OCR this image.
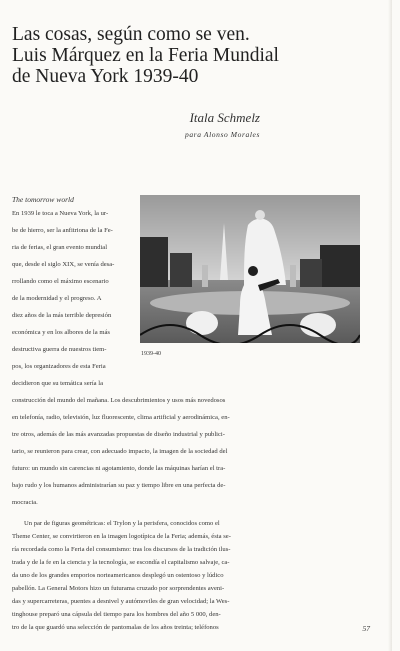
Las cosas, según como se ven.
Luis Márquez en la Feria Mundial
de Nueva York 1939-40
Itala Schmelz
para Alonso Morales
The tomorrow world
1939-40
En 1939 le toca a Nueva York, la ur-
be de hierro, ser la anfitriona de la Fe-
ria de ferias, el gran evento mundial
que, desde el siglo XIX, se venía desa-
rrollando como el máximo escenario
de la modernidad y el progreso. A
diez años de la más terrible depresión
económica y en los albores de la más
destructiva guerra de nuestros tiem-
pos, los organizadores de esta Feria
decidieron que su temática sería la
construcción del mundo del mañana. Los descubrimientos y usos más novedosos
en telefonía, radio, televisión, luz fluorescente, clima artificial y aerodinámica, en-
tre otros, además de las más avanzadas propuestas de diseño industrial y publici-
tario, se reunieron para crear, con adecuado impacto, la imagen de la sociedad del
futuro: un mundo sin carencias ni agotamiento, donde las máquinas harían el tra-
bajo rudo y los humanos administrarían su paz y tiempo libre en una perfecta de-
mocracia.
Un par de figuras geométricas: el Trylon y la perisfera, conocidos como el
Theme Center, se convirtieron en la imagen logotípica de la Feria; además, ésta se-
ría recordada como la Feria del consumismo: tras los discursos de la tradición ilus-
trada y de la fe en la ciencia y la tecnología, se escondía el capitalismo salvaje, ca-
da uno de los grandes emporios norteamericanos desplegó un ostentoso y lúdico
pabellón. La General Motors hizo un futurama cruzado por sorprendentes aveni-
das y supercarreteras, puentes a desnivel y autómoviles de gran velocidad; la Wes-
tinghouse preparó una cápsula del tiempo para los hombres del año 5 000, den-
tro de la que guardó una selección de pantomalas de los años treinta; teléfonos	57
